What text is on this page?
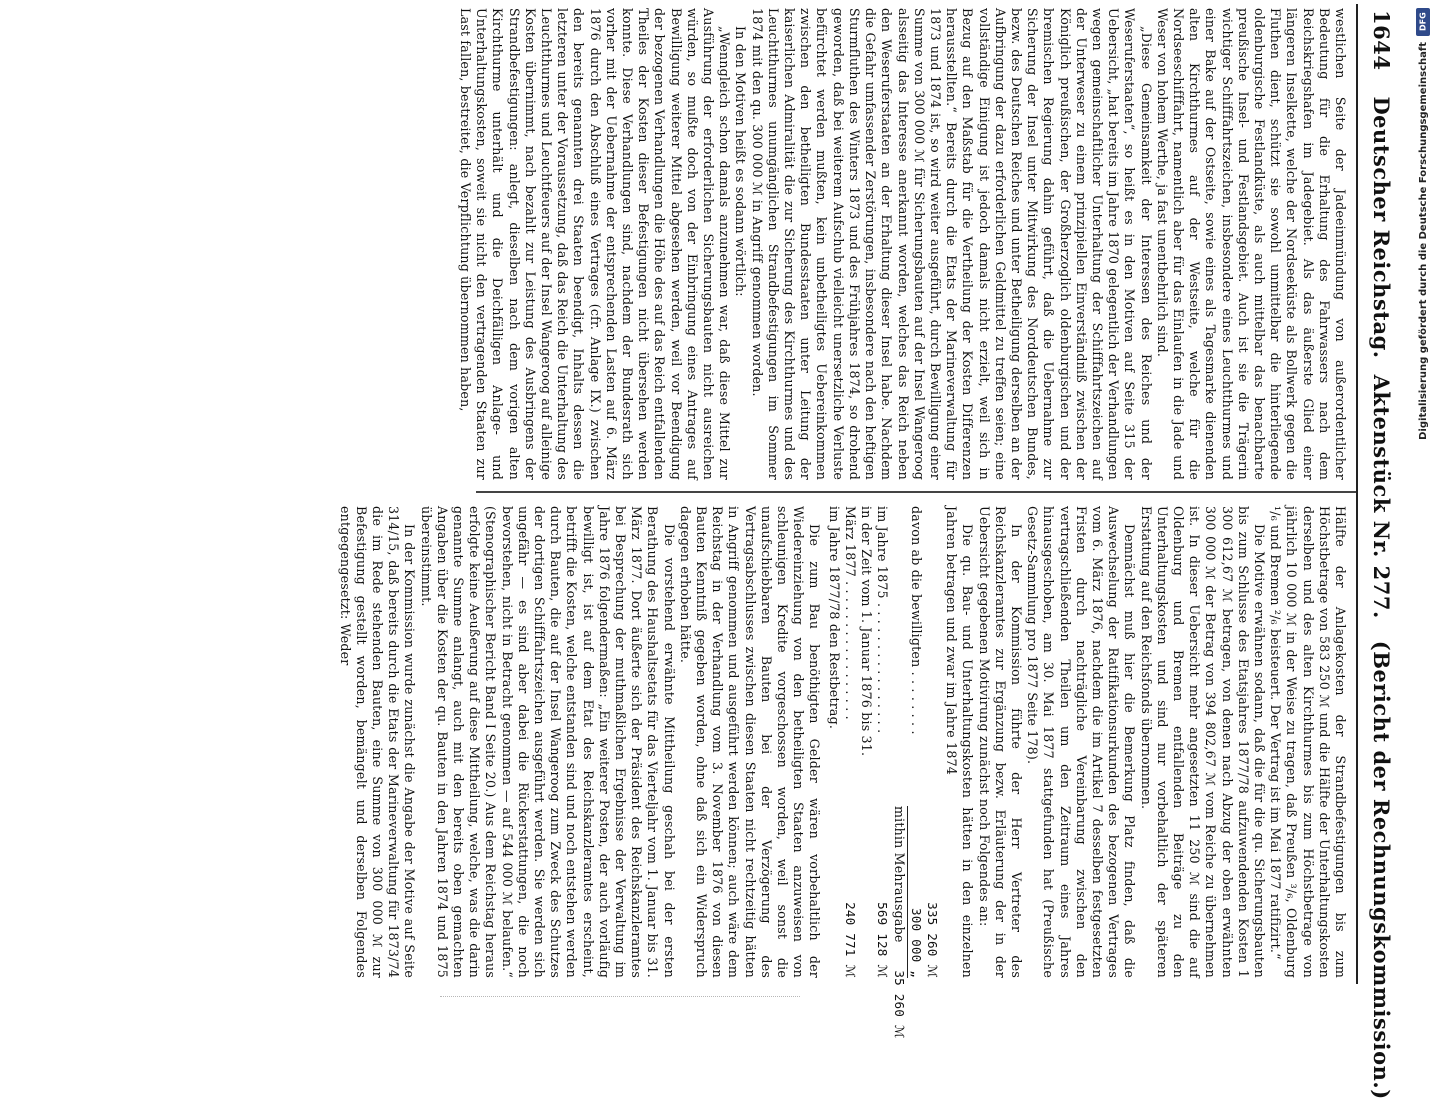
1644
Deutscher Reichstag.
Aktenstück Nr. 277.
(Bericht der Rechnungskommission.)

westlichen Seite der Jadeeinmündung von außerordentlicher Bedeutung für die Erhaltung des Fahrwassers nach dem Reichskriegshafen im Jadegebiet. Als das äußerste Glied einer längeren Inselkette, welche der Nordseeküste als Bollwerk gegen die Fluthen dient, schützt sie sowohl unmittelbar die hinterliegende oldenburgische Festlandküste, als auch mittelbar das benachbarte preußische Insel- und Festlandsgebiet. Auch ist sie die Trägerin wichtiger Schifffahrtszeichen, insbesondere eines Leuchtthurmes und einer Bake auf der Ostseite, sowie eines als Tagesmarke dienenden alten Kirchthurmes auf der Westseite, welche für die Nordseeschifffahrt, namentlich aber für das Einlaufen in die Jade und Weser von hohem Werthe, ja fast unentbehrlich sind.

„Diese Gemeinsamkeit der Interessen des Reiches und der Weseruferstaaten“, so heißt es in den Motiven auf Seite 315 der Uebersicht, „hat bereits im Jahre 1870 gelegentlich der Verhandlungen wegen gemeinschaftlicher Unterhaltung der Schifffahrtszeichen auf der Unterweser zu einem prinzipiellen Einverständniß zwischen der Königlich preußischen, der Großherzoglich oldenburgischen und der bremischen Regierung dahin geführt, daß die Uebernahme zur Sicherung der Insel unter Mitwirkung des Norddeutschen Bundes, bezw. des Deutschen Reiches und unter Betheiligung derselben an der Aufbringung der dazu erforderlichen Geldmittel zu treffen seien; eine vollständige Einigung ist jedoch damals nicht erzielt, weil sich in Bezug auf den Maßstab für die Vertheilung der Kosten Differenzen herausstellten.“ Bereits durch die Etats der Marineverwaltung für 1873 und 1874 ist, so wird weiter ausgeführt, durch Bewilligung einer Summe von 300 000 ℳ für Sicherungsbauten auf der Insel Wangeroog alsseitig das Interesse anerkannt worden, welches das Reich neben den Weseruferstaaten an der Erhaltung dieser Insel habe. Nachdem die Gefahr umfassender Zerstörungen, insbesondere nach den heftigen Sturmfluthen des Winters 1873 und des Frühjahres 1874, so drohend geworden, daß bei weiterem Aufschub vielleicht unersetzliche Verluste befürchtet werden mußten, kein unbetheiligtes Uebereinkommen zwischen den betheiligten Bundesstaaten unter Leitung der kaiserlichen Admiralität die zur Sicherung des Kirchthurmes und des Leuchtthurmes unumgänglichen Strandbefestigungen im Sommer 1874 mit den qu. 300 000 ℳ in Angriff genommen worden.

In den Motiven heißt es sodann wörtlich:

„Wenngleich schon damals anzunehmen war, daß diese Mittel zur Ausführung der erforderlichen Sicherungsbauten nicht ausreichen würden, so mußte doch von der Einbringung eines Antrages auf Bewilligung weiterer Mittel abgesehen werden, weil vor Beendigung der bezogenen Verhandlungen die Höhe des auf das Reich entfallenden Theiles der Kosten dieser Befestigungen nicht übersehen werden konnte. Diese Verhandlungen sind, nachdem der Bundesrath sich vorher mit der Uebernahme der entsprechenden Lasten auf 6. März 1876 durch den Abschluß eines Vertrages (cfr. Anlage IX.) zwischen den bereits genannten drei Staaten beendigt, Inhalts dessen die letzteren unter der Voraussetzung, daß das Reich die Unterhaltung des Leuchtthurmes und Leuchtfeuers auf der Insel Wangeroog auf alleinige Kosten übernimmt, nach bezahlt zur Leistung des Ausbringens der Strandbefestigungen: anlegt, dieselben nach dem vorigen alten Kirchthurme unterhält und die Deichfälligen Anlage- und Unterhaltungskosten, soweit sie nicht den vertragenden Staaten zur Last fallen, bestreitet, die Verpflichtung übernommen haben,

Hälfte der Anlagekosten der Strandbefestigungen bis zum Höchstbetrage von 583 250 ℳ und die Hälfte der Unterhaltungskosten derselben und des alten Kirchthurmes bis zum Höchstbetrage von jährlich 10 000 ℳ in der Weise zu tragen, daß Preußen ³/₆, Oldenburg ¹/₆ und Bremen ²/₆ beisteuert. Der Vertrag ist im Mai 1877 ratifizirt.“

Die Motive erwähnen sodann, daß die für die qu. Sicherungsbauten bis zum Schlusse des Etatsjahres 1877/78 aufzuwendenden Kosten 1 300 612,67 ℳ betragen, von denen nach Abzug der oben erwähnten 300 000 ℳ der Betrag von 394 802,67 ℳ vom Reiche zu übernehmen ist. In dieser Uebersicht mehr angesetzten 11 250 ℳ sind die auf Oldenburg und Bremen entfallenden Beiträge zu den Unterhaltungskosten und sind nur vorbehaltlich der späteren Erstattung auf den Reichsfonds übernommen.

Demnächst muß hier die Bemerkung Platz finden, daß die Auswechselung der Ratifikationsurkunden des bezogenen Vertrages vom 6. März 1876, nachdem die im Artikel 7 desselben festgesetzten Fristen durch nachträgliche Vereinbarung zwischen den vertragschließenden Theilen um den Zeitraum eines Jahres hinausgeschoben, am 30. Mai 1877 stattgefunden hat (Preußische Gesetz-Sammlung pro 1877 Seite 178).

In der Kommission führte der Herr Vertreter des Reichskanzleramtes zur Ergänzung bezw. Erläuterung der in der Uebersicht gegebenen Motivirung zunächst noch Folgendes an:

Die qu. Bau- und Unterhaltungskosten hätten in den einzelnen Jahren betragen und zwar im Jahre 1874

335 260 ℳ
davon ab die bewilligten . . . . . . . .
300 000 „
mithin Mehrausgabe
35 260 ℳ
im Jahre 1875 . . . . . . . . . . . . . . . .
569 128 ℳ
in der Zeit vom 1. Januar 1876 bis 31.
März 1877 . . . . . . . . . . . . . . . . .
240 771 ℳ
im Jahre 1877/78 den Restbetrag.

Die zum Bau benöthigten Gelder wären vorbehaltlich der Wiedereinziehung von den betheiligten Staaten anzuweisen von schleunigen Kredite vorgeschossen worden, weil sonst die unaufschiebbaren Bauten bei der Verzögerung des Vertragsabschlusses zwischen diesen Staaten nicht rechtzeitig hätten in Angriff genommen und ausgeführt werden können; auch wäre dem Reichstag in der Verhandlung vom 3. November 1876 von diesen Bauten Kenntniß gegeben worden, ohne daß sich ein Widerspruch dagegen erhoben hätte.

Die vorstehend erwähnte Mittheilung geschah bei der ersten Berathung des Haushaltsetats für das Vierteljahr vom 1. Januar bis 31. März 1877. Dort äußerte sich der Präsident des Reichskanzleramtes bei Besprechung der muthmaßlichen Ergebnisse der Verwaltung im Jahre 1876 folgendermaßen: „Ein weiterer Posten, der auch vorläufig bewilligt ist, ist auf dem Etat des Reichskanzleramtes erscheint, betrifft die Kosten, welche entstanden sind und noch entstehen werden durch Bauten, die auf der Insel Wangeroog zum Zweck des Schutzes der dortigen Schifffahrtszeichen ausgeführt werden. Sie werden sich ungefähr — es sind aber dabei die Rückerstattungen, die noch bevorstehen, nicht in Betracht genommen — auf 544 000 ℳ belaufen.“ (Stenographischer Bericht Band I Seite 20.) Aus dem Reichstag heraus erfolgte keine Aeußerung auf diese Mittheilung, welche, was die darin genannte Summe anlangt, auch mit den bereits oben gemachten Angaben über die Kosten der qu. Bauten in den Jahren 1874 und 1875 übereinstimmt.

In der Kommission wurde zunächst die Angabe der Motive auf Seite 314/15, daß bereits durch die Etats der Marineverwaltung für 1873/74 die im Rede stehenden Bauten, eine Summe von 300 000 ℳ zur Befestigung gestellt worden, bemängelt und derselben Folgendes entgegengesetzt: Weder

DFG
Digitalisierung gefördert durch die Deutsche Forschungsgemeinschaft
